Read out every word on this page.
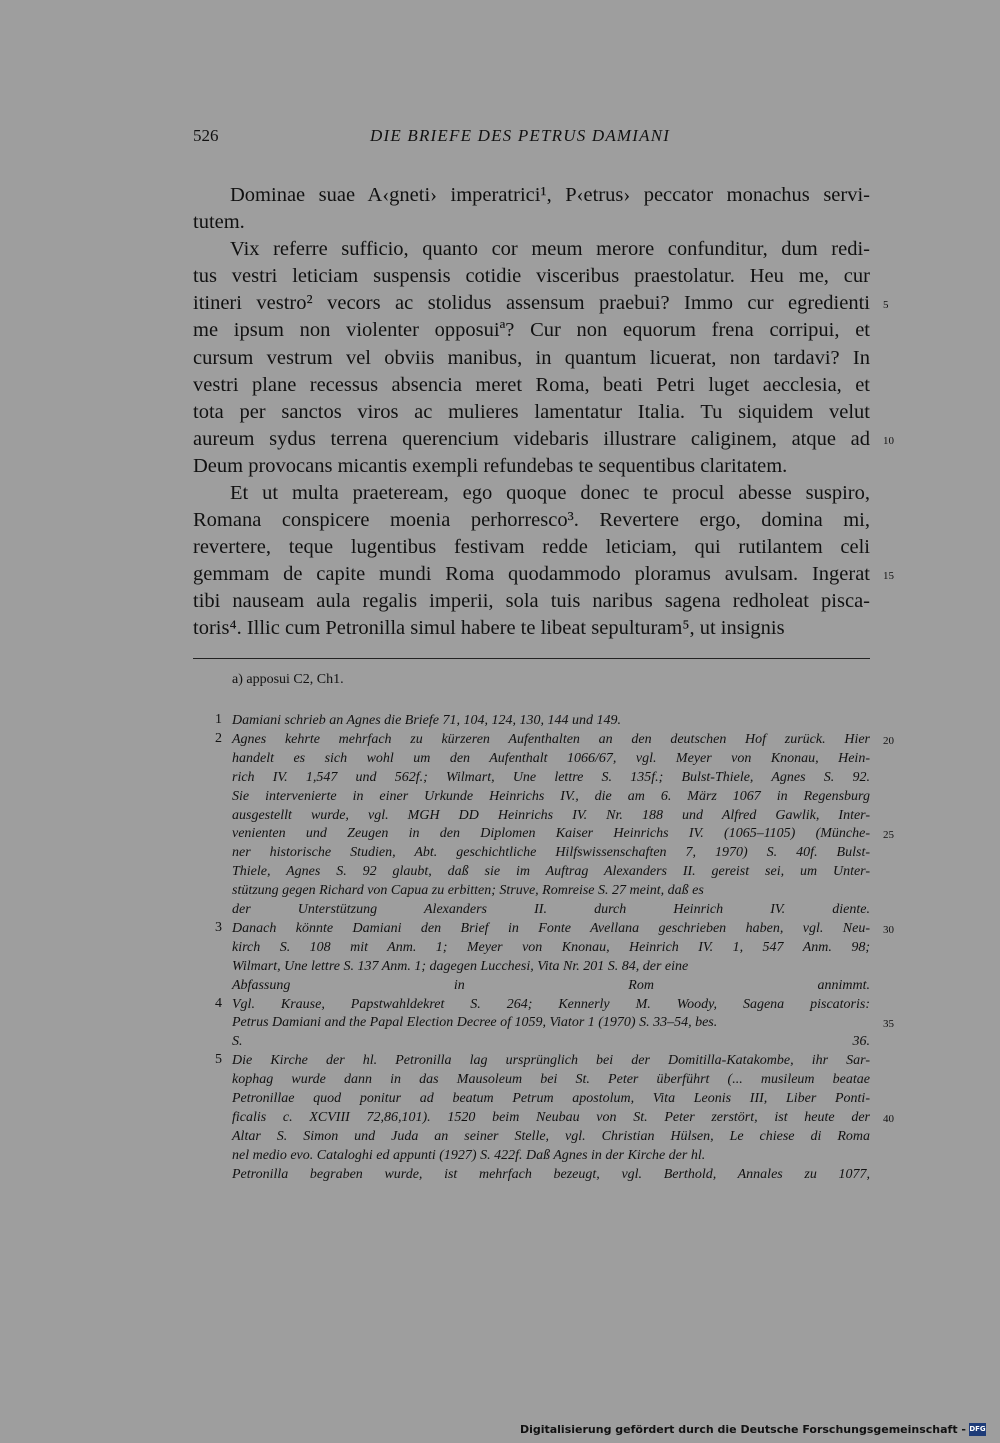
526	DIE BRIEFE DES PETRUS DAMIANI
Dominae suae A‹gneti› imperatrici¹, P‹etrus› peccator monachus servi-
tutem.
Vix referre sufficio, quanto cor meum merore confunditur, dum redi-
tus vestri leticiam suspensis cotidie visceribus praestolatur. Heu me, cur
itineri vestro² vecors ac stolidus assensum praebui? Immo cur egredienti 5
me ipsum non violenter opposuiª? Cur non equorum frena corripui, et
cursum vestrum vel obviis manibus, in quantum licuerat, non tardavi? In
vestri plane recessus absencia meret Roma, beati Petri luget aecclesia, et
tota per sanctos viros ac mulieres lamentatur Italia. Tu siquidem velut
aureum sydus terrena querencium videbaris illustrare caliginem, atque ad 10
Deum provocans micantis exempli refundebas te sequentibus claritatem.
Et ut multa praeteream, ego quoque donec te procul abesse suspiro,
Romana conspicere moenia perhorresco³. Revertere ergo, domina mi,
revertere, teque lugentibus festivam redde leticiam, qui rutilantem celi
gemmam de capite mundi Roma quodammodo ploramus avulsam. Ingerat 15
tibi nauseam aula regalis imperii, sola tuis naribus sagena redholeat pisca-
toris⁴. Illic cum Petronilla simul habere te libeat sepulturam⁵, ut insignis
a) apposui C2, Ch1.
Damiani schrieb an Agnes die Briefe 71, 104, 124, 130, 144 und 149.
1
Agnes kehrte mehrfach zu kürzeren Aufenthalten an den deutschen Hof zurück. Hier
2	20
handelt es sich wohl um den Aufenthalt 1066/67, vgl. Meyer von Knonau, Hein-
rich IV. 1,547 und 562f.; Wilmart, Une lettre S. 135f.; Bulst-Thiele, Agnes S. 92.
Sie intervenierte in einer Urkunde Heinrichs IV., die am 6. März 1067 in Regensburg
ausgestellt wurde, vgl. MGH DD Heinrichs IV. Nr. 188 und Alfred Gawlik, Inter-
venienten und Zeugen in den Diplomen Kaiser Heinrichs IV. (1065–1105) (Münche- 25
ner historische Studien, Abt. geschichtliche Hilfswissenschaften 7, 1970) S. 40f. Bulst-
Thiele, Agnes S. 92 glaubt, daß sie im Auftrag Alexanders II. gereist sei, um Unter-
stützung gegen Richard von Capua zu erbitten; Struve, Romreise S. 27 meint, daß es
der Unterstützung Alexanders II. durch Heinrich IV. diente.
Danach könnte Damiani den Brief in Fonte Avellana geschrieben haben, vgl. Neu-
3	30
kirch S. 108 mit Anm. 1; Meyer von Knonau, Heinrich IV. 1, 547 Anm. 98;
Wilmart, Une lettre S. 137 Anm. 1; dagegen Lucchesi, Vita Nr. 201 S. 84, der eine
Abfassung in Rom annimmt.
Vgl. Krause, Papstwahldekret S. 264; Kennerly M. Woody, Sagena piscatoris:
4
Petrus Damiani and the Papal Election Decree of 1059, Viator 1 (1970) S. 33–54, bes.	35
S. 36.
Die Kirche der hl. Petronilla lag ursprünglich bei der Domitilla-Katakombe, ihr Sar-
5
kophag wurde dann in das Mausoleum bei St. Peter überführt (... musileum beatae
Petronillae quod ponitur ad beatum Petrum apostolum, Vita Leonis III, Liber Ponti-
ficalis c. XCVIII 72,86,101). 1520 beim Neubau von St. Peter zerstört, ist heute der 40
Altar S. Simon und Juda an seiner Stelle, vgl. Christian Hülsen, Le chiese di Roma
nel medio evo. Cataloghi ed appunti (1927) S. 422f. Daß Agnes in der Kirche der hl.
Petronilla begraben wurde, ist mehrfach bezeugt, vgl. Berthold, Annales zu 1077,
Digitalisierung gefördert durch die Deutsche Forschungsgemeinschaft - DFG
